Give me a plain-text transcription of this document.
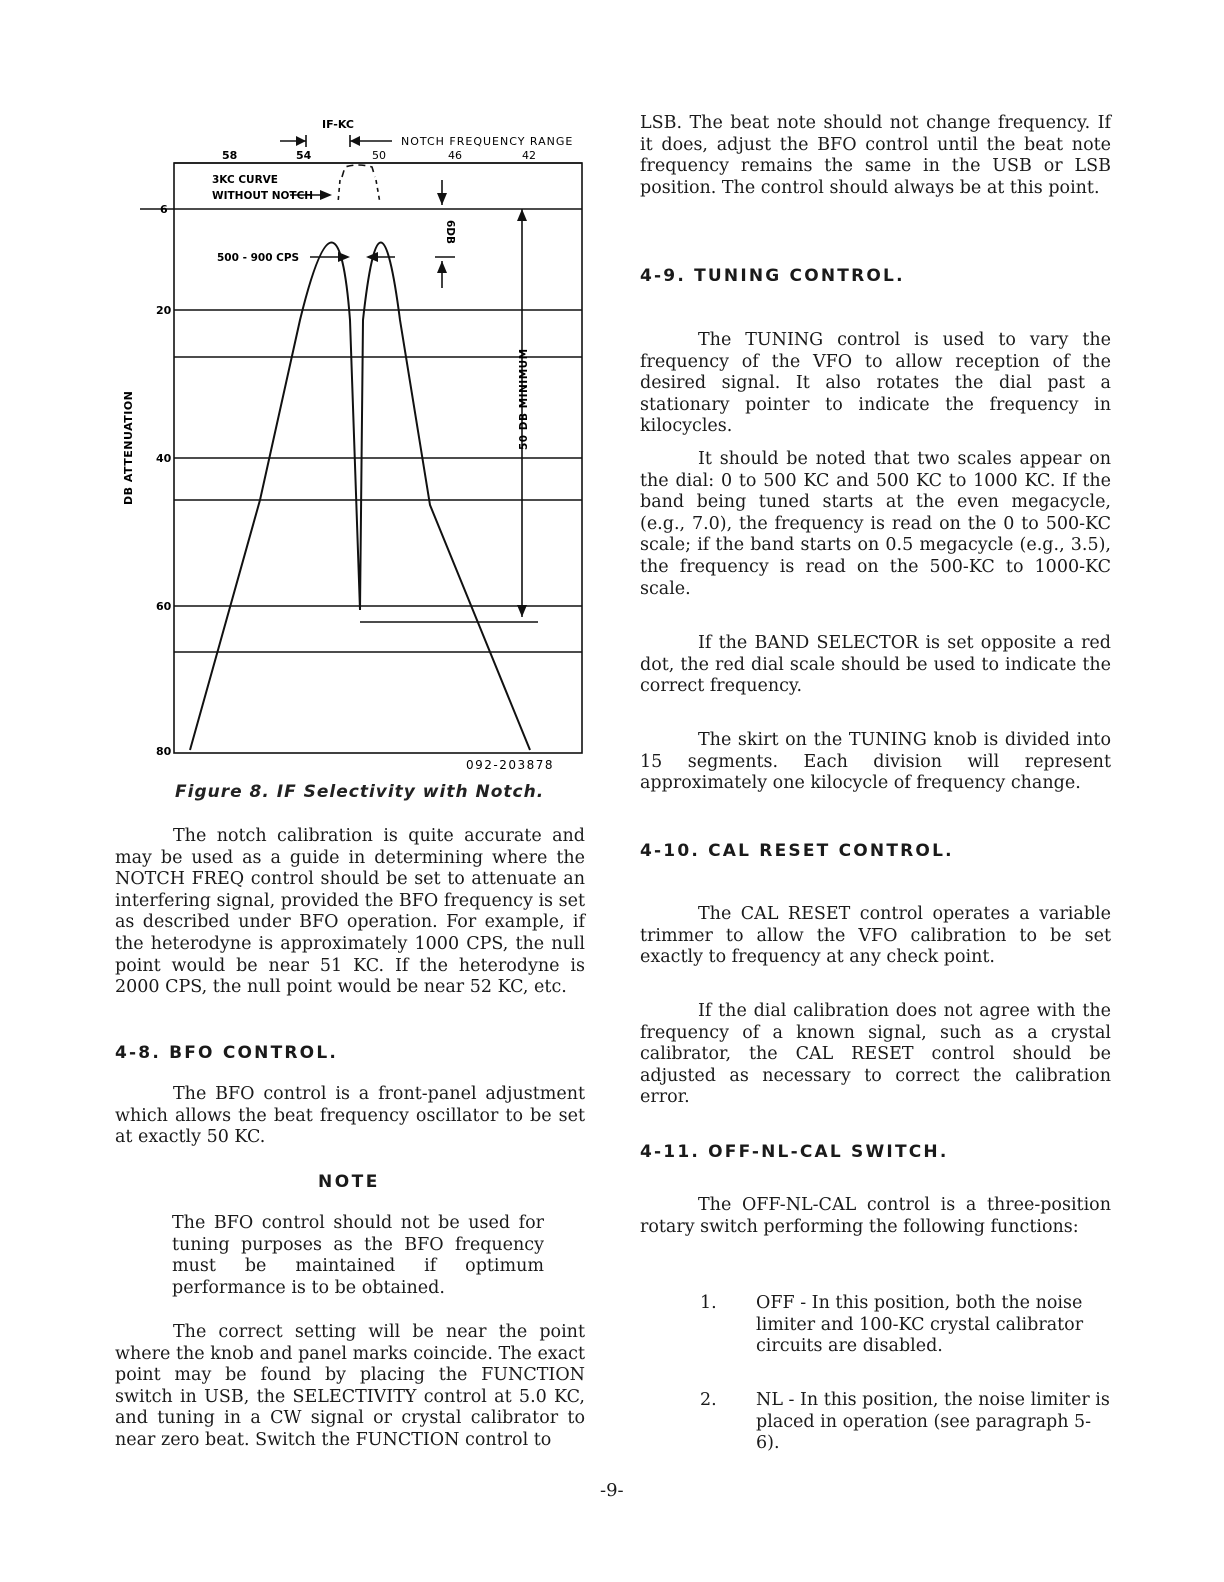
IF-KC
NOTCH FREQUENCY RANGE
58	54	50	46	42
3KC CURVE
WITHOUT NOTCH
500 - 900 CPS
6DB
50 DB MINIMUM
DB ATTENUATION
6
20
40
60
80
092-203878
Figure 8. IF Selectivity with Notch.

The notch calibration is quite accurate and may be used as a guide in determining where the NOTCH FREQ control should be set to attenuate an interfering signal, provided the BFO frequency is set as described under BFO operation. For example, if the heterodyne is approximately 1000 CPS, the null point would be near 51 KC. If the heterodyne is 2000 CPS, the null point would be near 52 KC, etc.

4-8. BFO CONTROL.

The BFO control is a front-panel adjustment which allows the beat frequency oscillator to be set at exactly 50 KC.

NOTE

The BFO control should not be used for tuning purposes as the BFO frequency must be maintained if optimum performance is to be obtained.

The correct setting will be near the point where the knob and panel marks coincide. The exact point may be found by placing the FUNCTION switch in USB, the SELECTIVITY control at 5.0 KC, and tuning in a CW signal or crystal calibrator to near zero beat. Switch the FUNCTION control to

LSB. The beat note should not change frequency. If it does, adjust the BFO control until the beat note frequency remains the same in the USB or LSB position. The control should always be at this point.

4-9. TUNING CONTROL.

The TUNING control is used to vary the frequency of the VFO to allow reception of the desired signal. It also rotates the dial past a stationary pointer to indicate the frequency in kilocycles.

It should be noted that two scales appear on the dial: 0 to 500 KC and 500 KC to 1000 KC. If the band being tuned starts at the even megacycle, (e.g., 7.0), the frequency is read on the 0 to 500-KC scale; if the band starts on 0.5 megacycle (e.g., 3.5), the frequency is read on the 500-KC to 1000-KC scale.

If the BAND SELECTOR is set opposite a red dot, the red dial scale should be used to indicate the correct frequency.

The skirt on the TUNING knob is divided into 15 segments. Each division will represent approximately one kilocycle of frequency change.

4-10. CAL RESET CONTROL.

The CAL RESET control operates a variable trimmer to allow the VFO calibration to be set exactly to frequency at any check point.

If the dial calibration does not agree with the frequency of a known signal, such as a crystal calibrator, the CAL RESET control should be adjusted as necessary to correct the calibration error.

4-11. OFF-NL-CAL SWITCH.

The OFF-NL-CAL control is a three-position rotary switch performing the following functions:

1. OFF - In this position, both the noise limiter and 100-KC crystal calibrator circuits are disabled.

2. NL - In this position, the noise limiter is placed in operation (see paragraph 5-6).

-9-
